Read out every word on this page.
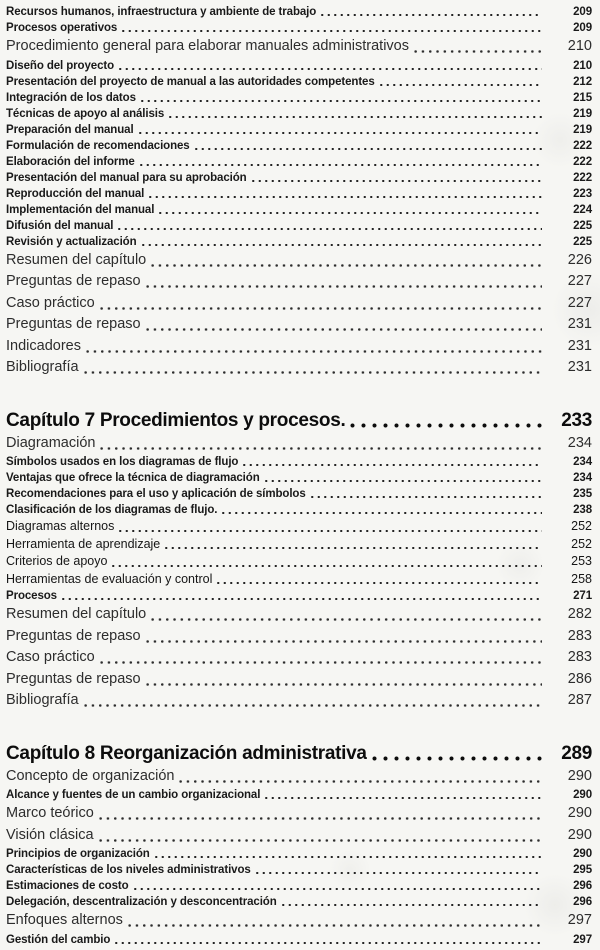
Recursos humanos, infraestructura y ambiente de trabajo	209
Procesos operativos	209
Procedimiento general para elaborar manuales administrativos	210
Diseño del proyecto	210
Presentación del proyecto de manual a las autoridades competentes	212
Integración de los datos	215
Técnicas de apoyo al análisis	219
Preparación del manual	219
Formulación de recomendaciones	222
Elaboración del informe	222
Presentación del manual para su aprobación	222
Reproducción del manual	223
Implementación del manual	224
Difusión del manual	225
Revisión y actualización	225
Resumen del capítulo	226
Preguntas de repaso	227
Caso práctico	227
Preguntas de repaso	231
Indicadores	231
Bibliografía	231
Capítulo 7 Procedimientos y procesos.	233
Diagramación	234
Símbolos usados en los diagramas de flujo	234
Ventajas que ofrece la técnica de diagramación	234
Recomendaciones para el uso y aplicación de símbolos	235
Clasificación de los diagramas de flujo.	238
Diagramas alternos	252
Herramienta de aprendizaje	252
Criterios de apoyo	253
Herramientas de evaluación y control	258
Procesos	271
Resumen del capítulo	282
Preguntas de repaso	283
Caso práctico	283
Preguntas de repaso	286
Bibliografía	287
Capítulo 8 Reorganización administrativa	289
Concepto de organización	290
Alcance y fuentes de un cambio organizacional	290
Marco teórico	290
Visión clásica	290
Principios de organización	290
Características de los niveles administrativos	295
Estimaciones de costo	296
Delegación, descentralización y desconcentración	296
Enfoques alternos	297
Gestión del cambio	297
